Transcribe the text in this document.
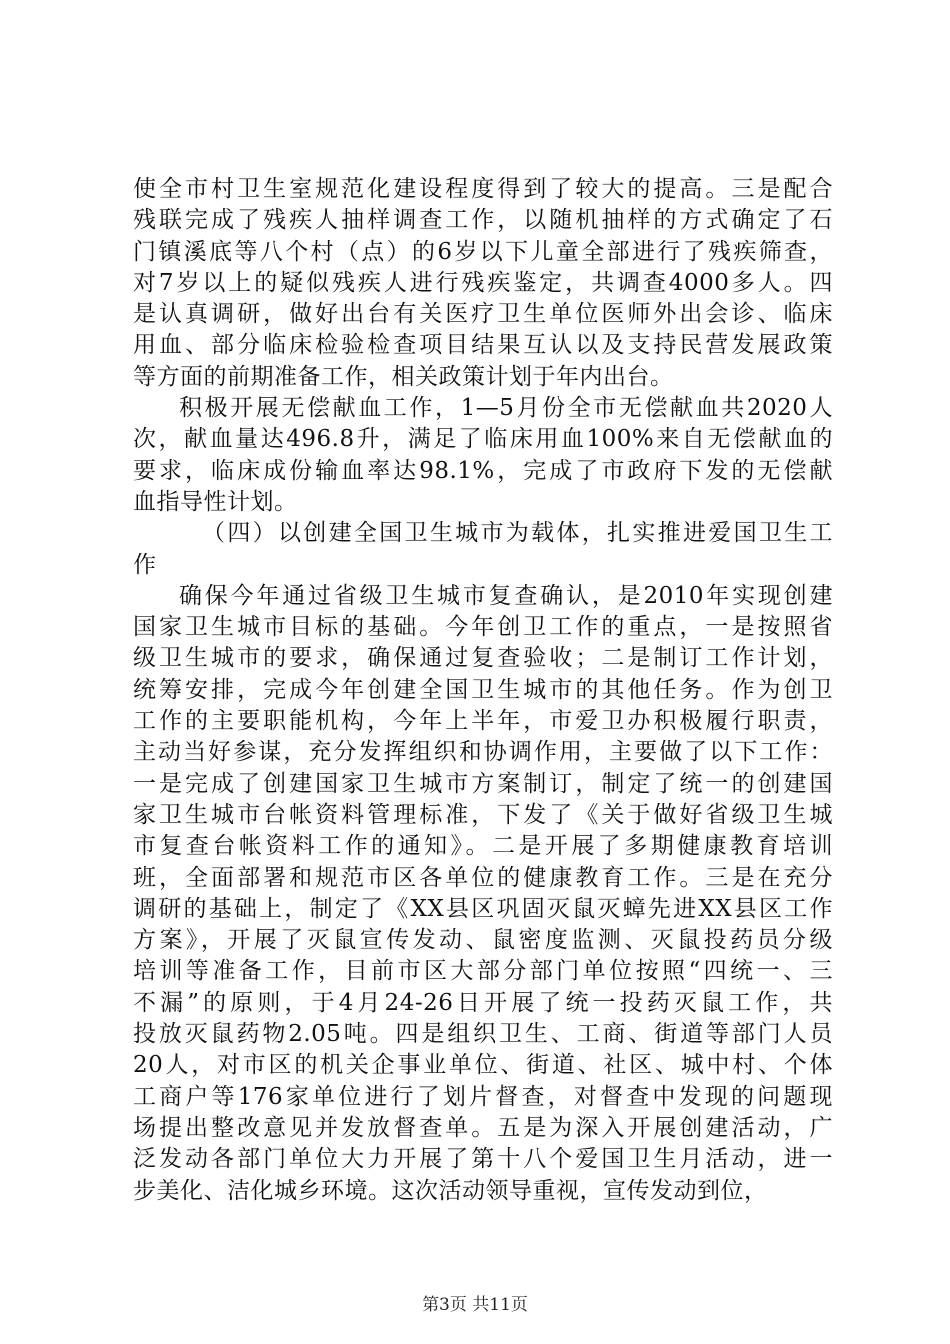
使全市村卫生室规范化建设程度得到了较大的提高。三是配合
残联完成了残疾人抽样调查工作，以随机抽样的方式确定了石
门镇溪底等八个村（点）的6岁以下儿童全部进行了残疾筛查，
对7岁以上的疑似残疾人进行残疾鉴定，共调查4000多人。四
是认真调研，做好出台有关医疗卫生单位医师外出会诊、临床
用血、部分临床检验检查项目结果互认以及支持民营发展政策
等方面的前期准备工作，相关政策计划于年内出台。
积极开展无偿献血工作，1—5月份全市无偿献血共2020人
次，献血量达496.8升，满足了临床用血100%来自无偿献血的
要求，临床成份输血率达98.1%，完成了市政府下发的无偿献
血指导性计划。
（四）以创建全国卫生城市为载体，扎实推进爱国卫生工
作
确保今年通过省级卫生城市复查确认，是2010年实现创建
国家卫生城市目标的基础。今年创卫工作的重点，一是按照省
级卫生城市的要求，确保通过复查验收；二是制订工作计划，
统筹安排，完成今年创建全国卫生城市的其他任务。作为创卫
工作的主要职能机构，今年上半年，市爱卫办积极履行职责，
主动当好参谋，充分发挥组织和协调作用，主要做了以下工作：
一是完成了创建国家卫生城市方案制订，制定了统一的创建国
家卫生城市台帐资料管理标准，下发了《关于做好省级卫生城
市复查台帐资料工作的通知》。二是开展了多期健康教育培训
班，全面部署和规范市区各单位的健康教育工作。三是在充分
调研的基础上，制定了《XX县区巩固灭鼠灭蟑先进XX县区工作
方案》，开展了灭鼠宣传发动、鼠密度监测、灭鼠投药员分级
培训等准备工作，目前市区大部分部门单位按照“四统一、三
不漏”的原则，于4月24-26日开展了统一投药灭鼠工作，共
投放灭鼠药物2.05吨。四是组织卫生、工商、街道等部门人员
20人，对市区的机关企事业单位、街道、社区、城中村、个体
工商户等176家单位进行了划片督查，对督查中发现的问题现
场提出整改意见并发放督查单。五是为深入开展创建活动，广
泛发动各部门单位大力开展了第十八个爱国卫生月活动，进一
步美化、洁化城乡环境。这次活动领导重视，宣传发动到位，
第3页 共11页
